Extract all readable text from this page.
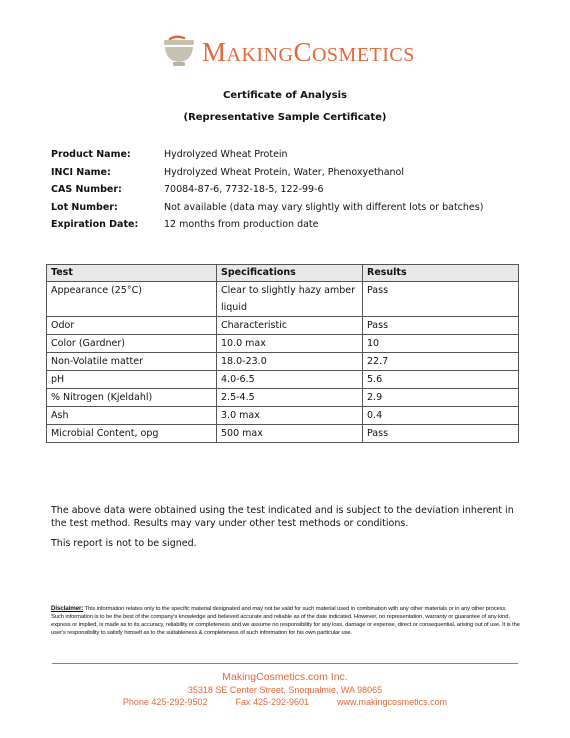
MAKINGCOSMETICS
Certificate of Analysis
(Representative Sample Certificate)
Product Name:	Hydrolyzed Wheat Protein
INCI Name:	Hydrolyzed Wheat Protein, Water, Phenoxyethanol
CAS Number:	70084-87-6, 7732-18-5, 122-99-6
Lot Number:	Not available (data may vary slightly with different lots or batches)
Expiration Date:	12 months from production date
Test	Specifications	Results
Appearance (25°C)	Clear to slightly hazy amber liquid	Pass
Odor	Characteristic	Pass
Color (Gardner)	10.0 max	10
Non-Volatile matter	18.0-23.0	22.7
pH	4.0-6.5	5.6
% Nitrogen (Kjeldahl)	2.5-4.5	2.9
Ash	3.0 max	0.4
Microbial Content, opg	500 max	Pass
The above data were obtained using the test indicated and is subject to the deviation inherent in the test method. Results may vary under other test methods or conditions.
This report is not to be signed.
Disclaimer: This information relates only to the specific material designated and may not be valid for such material used in combination with any other materials or in any other process. Such information is to be the best of the company's knowledge and believed accurate and reliable as of the date indicated. However, no representation, warranty or guarantee of any kind, express or implied, is made as to its accuracy, reliability or completeness and we assume no responsibility for any loss, damage or expense, direct or consequential, arising out of use. It is the user's responsibility to satisfy himself as to the suitableness & completeness of such information for his own particular use.
MakingCosmetics.com Inc.
35318 SE Center Street, Snoqualmie, WA 98065
Phone 425-292-9502	Fax 425-292-9601	www.makingcosmetics.com
